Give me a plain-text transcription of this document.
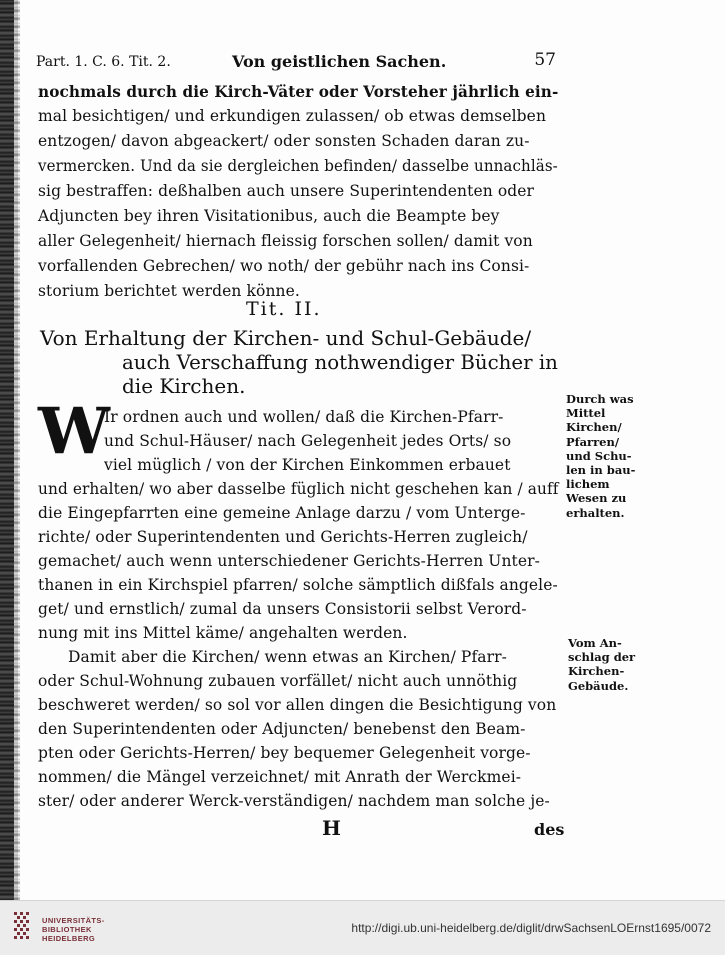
Part. 1. C. 6. Tit. 2.	Von geistlichen Sachen.	57
nochmals durch die Kirch-Väter oder Vorsteher jährlich ein-
mal besichtigen/ und erkundigen zulassen/ ob etwas demselben
entzogen/ davon abgeackert/ oder sonsten Schaden daran zu-
vermercken. Und da sie dergleichen befinden/ dasselbe unnachläs-
sig bestraffen: deßhalben auch unsere Superintendenten oder
Adjuncten bey ihren Visitationibus, auch die Beampte bey
aller Gelegenheit/ hiernach fleissig forschen sollen/ damit von
vorfallenden Gebrechen/ wo noth/ der gebühr nach ins Consi-
storium berichtet werden könne.
Tit. II.
Von Erhaltung der Kirchen- und Schul-Gebäude/
auch Verschaffung nothwendiger Bücher in
die Kirchen.
W
Ir ordnen auch und wollen/ daß die Kirchen-Pfarr-
und Schul-Häuser/ nach Gelegenheit jedes Orts/ so
viel müglich / von der Kirchen Einkommen erbauet
und erhalten/ wo aber dasselbe füglich nicht geschehen kan / auff
die Eingepfarrten eine gemeine Anlage darzu / vom Unterge-
richte/ oder Superintendenten und Gerichts-Herren zugleich/
gemachet/ auch wenn unterschiedener Gerichts-Herren Unter-
thanen in ein Kirchspiel pfarren/ solche sämptlich dißfals angele-
get/ und ernstlich/ zumal da unsers Consistorii selbst Verord-
nung mit ins Mittel käme/ angehalten werden.
Damit aber die Kirchen/ wenn etwas an Kirchen/ Pfarr-
oder Schul-Wohnung zubauen vorfället/ nicht auch unnöthig
beschweret werden/ so sol vor allen dingen die Besichtigung von
den Superintendenten oder Adjuncten/ benebenst den Beam-
pten oder Gerichts-Herren/ bey bequemer Gelegenheit vorge-
nommen/ die Mängel verzeichnet/ mit Anrath der Werckmei-
ster/ oder anderer Werck-verständigen/ nachdem man solche je-
H	des
Durch was
Mittel
Kirchen/
Pfarren/
und Schu-
len in bau-
lichem
Wesen zu
erhalten.
Vom An-
schlag der
Kirchen-
Gebäude.
UNIVERSITÄTS-
BIBLIOTHEK
HEIDELBERG
http://digi.ub.uni-heidelberg.de/diglit/drwSachsenLOErnst1695/0072
